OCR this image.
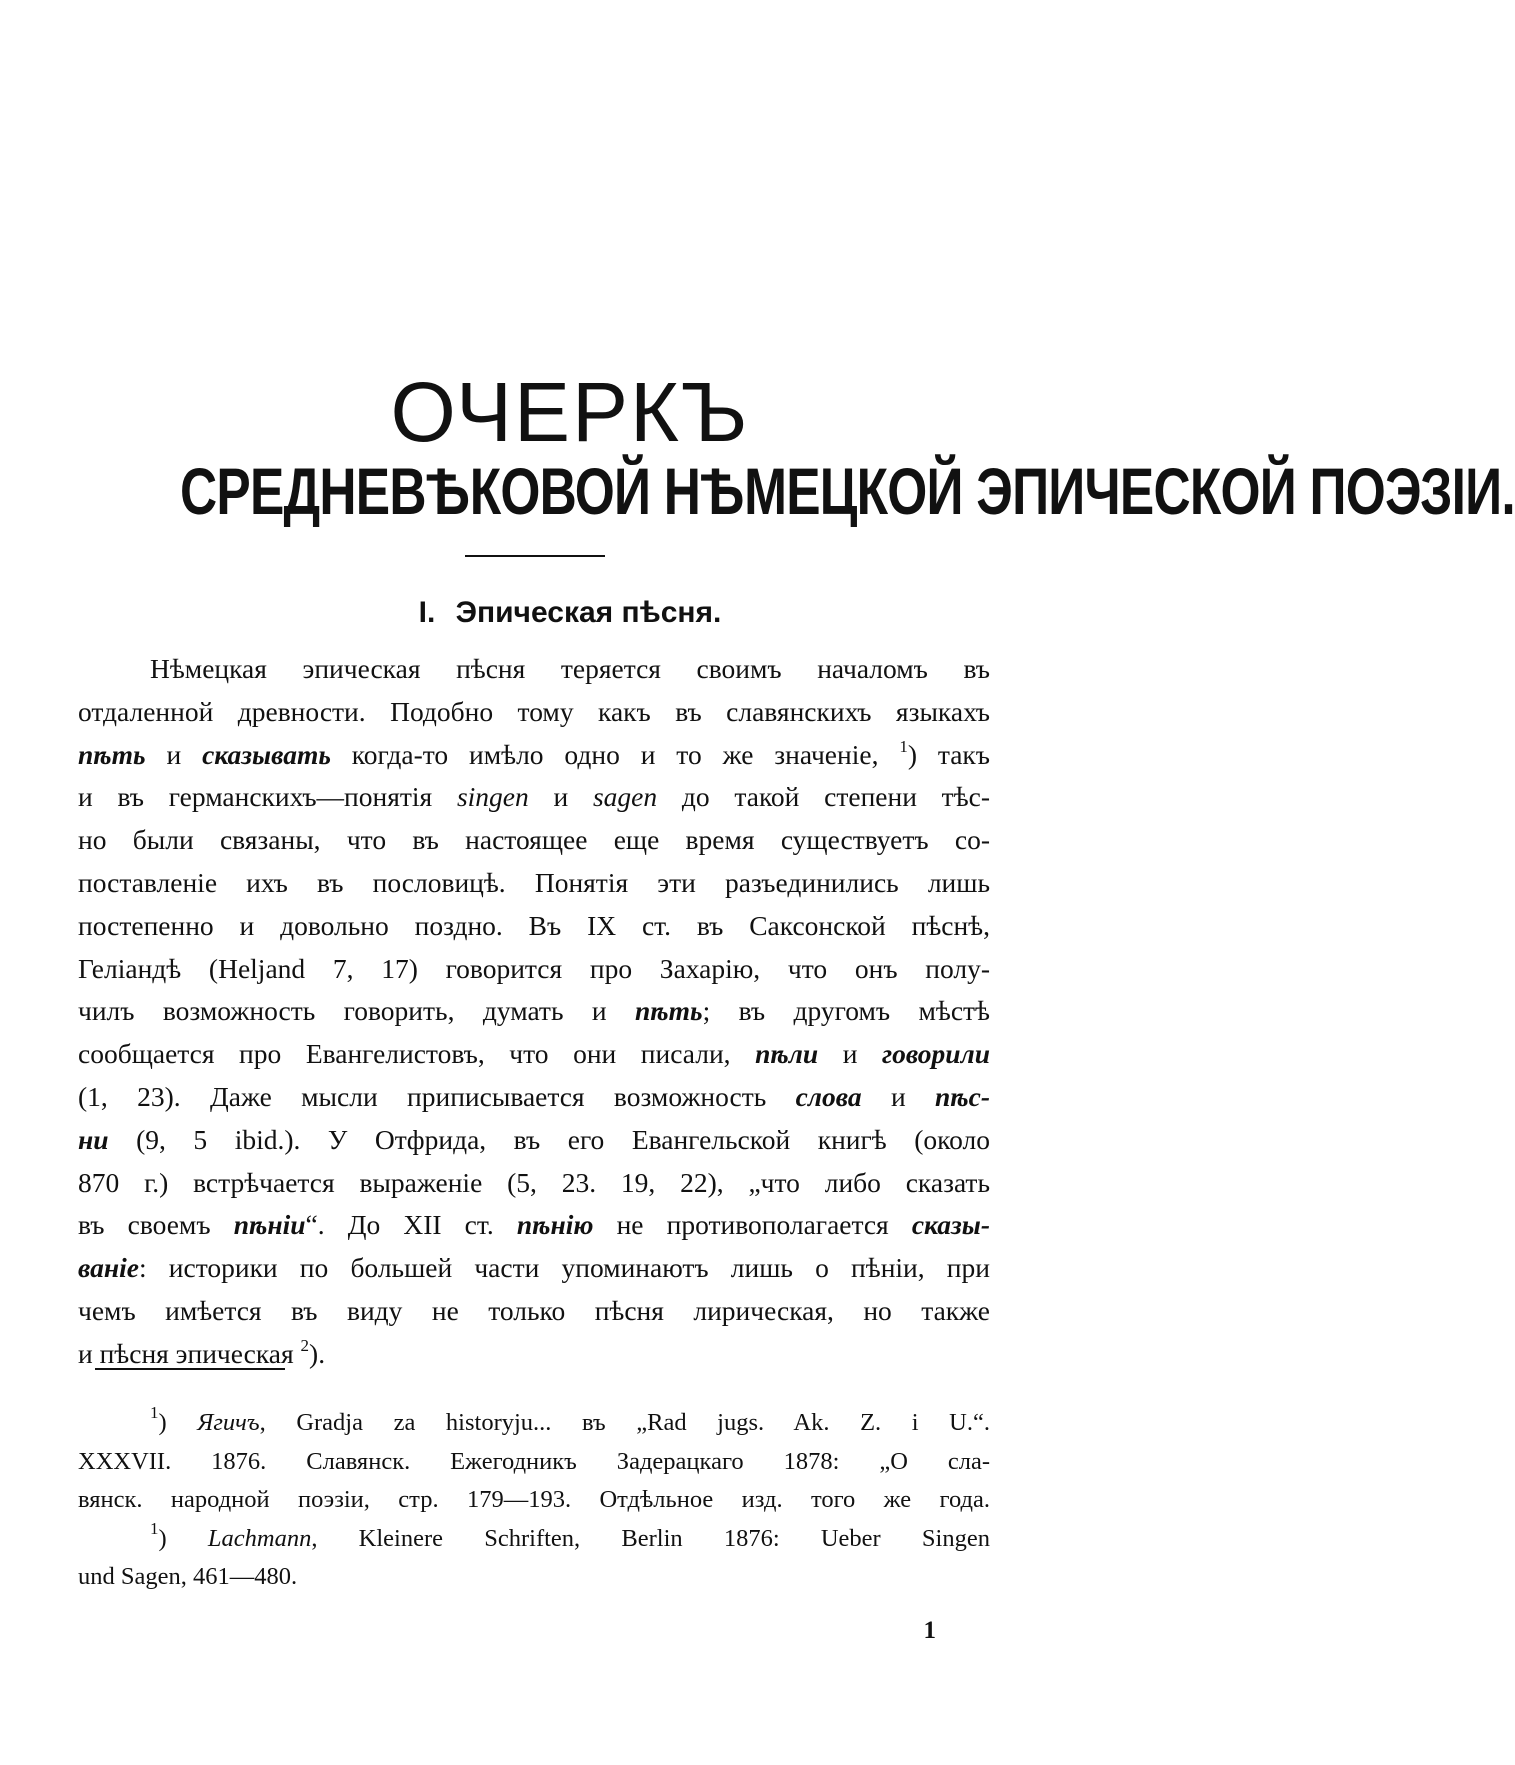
ОЧЕРКЪ
СРЕДНЕВѢКОВОЙ НѢМЕЦКОЙ ЭПИЧЕСКОЙ ПОЭЗІИ.
I. Эпическая пѣсня.
Нѣмецкая эпическая пѣсня теряется своимъ началомъ въ
отдаленной древности. Подобно тому какъ въ славянскихъ языкахъ
пѣть и сказывать когда-то имѣло одно и то же значеніе, $^1$) такъ
и въ германскихъ—понятія singen и sagen до такой степени тѣс-
но были связаны, что въ настоящее еще время существуетъ со-
поставленіе ихъ въ пословицѣ. Понятія эти разъединились лишь
постепенно и довольно поздно. Въ IX ст. въ Саксонской пѣснѣ,
Геліандѣ (Heljand 7, 17) говорится про Захарію, что онъ полу-
чилъ возможность говорить, думать и пѣть; въ другомъ мѣстѣ
сообщается про Евангелистовъ, что они писали, пѣли и говорили
(1, 23). Даже мысли приписывается возможность слова и пѣс-
ни (9, 5 ibid.). У Отфрида, въ его Евангельской книгѣ (около
870 г.) встрѣчается выраженіе (5, 23. 19, 22), „что либо сказать
въ своемъ пѣніи“. До XII ст. пѣнію не противополагается сказы-
ваніе: историки по большей части упоминаютъ лишь о пѣніи, при
чемъ имѣется въ виду не только пѣсня лирическая, но также
и пѣсня эпическая $^2$).
$^1$) Ягичъ, Gradja za historyju... въ „Rad jugs. Ak. Z. i U.“.
XXXVII. 1876. Славянск. Ежегодникъ Задерацкаго 1878: „О сла-
вянск. народной поэзіи, стр. 179—193. Отдѣльное изд. того же года.
$^1$) Lachmann, Kleinere Schriften, Berlin 1876: Ueber Singen
und Sagen, 461—480.
1
